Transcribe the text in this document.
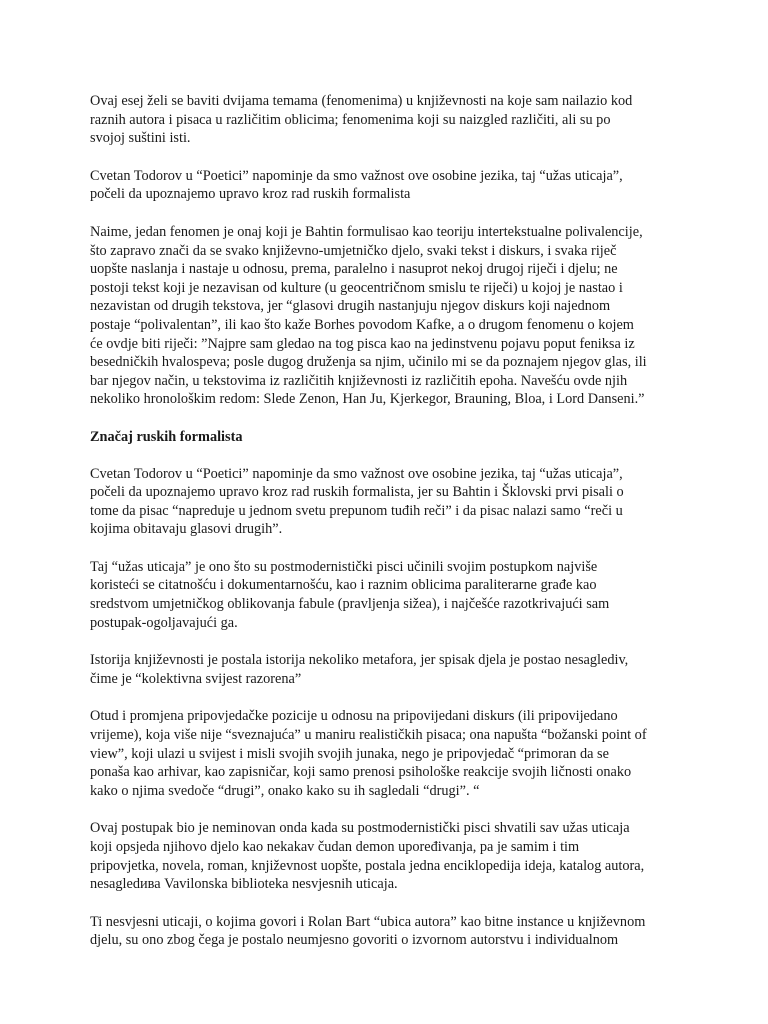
Ovaj esej želi se baviti dvijama temama (fenomenima) u književnosti na koje sam nailazio kod
raznih autora i pisaca u različitim oblicima; fenomenima koji su naizgled različiti, ali su po
svojoj suštini isti.

Cvetan Todorov u “Poetici” napominje da smo važnost ove osobine jezika, taj “užas uticaja”,
počeli da upoznajemo upravo kroz rad ruskih formalista

Naime, jedan fenomen je onaj koji je Bahtin formulisao kao teoriju intertekstualne polivalencije,
što zapravo znači da se svako književno-umjetničko djelo, svaki tekst i diskurs, i svaka riječ
uopšte naslanja i nastaje u odnosu, prema, paralelno i nasuprot nekoj drugoj riječi i djelu; ne
postoji tekst koji je nezavisan od kulture (u geocentričnom smislu te riječi) u kojoj je nastao i
nezavistan od drugih tekstova, jer “glasovi drugih nastanjuju njegov diskurs koji najednom
postaje “polivalentan”, ili kao što kaže Borhes povodom Kafke, a o drugom fenomenu o kojem
će ovdje biti riječi: ”Najpre sam gledao na tog pisca kao na jedinstvenu pojavu poput feniksa iz
besedničkih hvalospeva; posle dugog druženja sa njim, učinilo mi se da poznajem njegov glas, ili
bar njegov način, u tekstovima iz različitih književnosti iz različitih epoha. Navešću ovde njih
nekoliko hronološkim redom: Slede Zenon, Han Ju, Kjerkegor, Brauning, Bloa, i Lord Danseni.”

Značaj ruskih formalista

Cvetan Todorov u “Poetici” napominje da smo važnost ove osobine jezika, taj “užas uticaja”,
počeli da upoznajemo upravo kroz rad ruskih formalista, jer su Bahtin i Šklovski prvi pisali o
tome da pisac “napreduje u jednom svetu prepunom tuđih reči” i da pisac nalazi samo “reči u
kojima obitavaju glasovi drugih”.

Taj “užas uticaja” je ono što su postmodernistički pisci učinili svojim postupkom najviše
koristeći se citatnošću i dokumentarnošću, kao i raznim oblicima paraliterarne građe kao
sredstvom umjetničkog oblikovanja fabule (pravljenja sižea), i najčešće razotkrivajući sam
postupak-ogoljavajući ga.

Istorija književnosti je postala istorija nekoliko metafora, jer spisak djela je postao nesaglediv,
čime je “kolektivna svijest razorena”

Otud i promjena pripovjedačke pozicije u odnosu na pripovijedani diskurs (ili pripovijedano
vrijeme), koja više nije “sveznajuća” u maniru realističkih pisaca; ona napušta “božanski point of
view”, koji ulazi u svijest i misli svojih svojih junaka, nego je pripovjedač “primoran da se
ponaša kao arhivar, kao zapisničar, koji samo prenosi psihološke reakcije svojih ličnosti onako
kako o njima svedoče “drugi”, onako kako su ih sagledali “drugi”. “

Ovaj postupak bio je neminovan onda kada su postmodernistički pisci shvatili sav užas uticaja
koji opsjeda njihovo djelo kao nekakav čudan demon upoređivanja, pa je samim i tim
pripovjetka, novela, roman, književnost uopšte, postala jedna enciklopedija ideja, katalog autora,
nesagledива Vavilonska biblioteka nesvjesnih uticaja.

Ti nesvjesni uticaji, o kojima govori i Rolan Bart “ubica autora” kao bitne instance u književnom
djelu, su ono zbog čega je postalo neumjesno govoriti o izvornom autorstvu i individualnom
